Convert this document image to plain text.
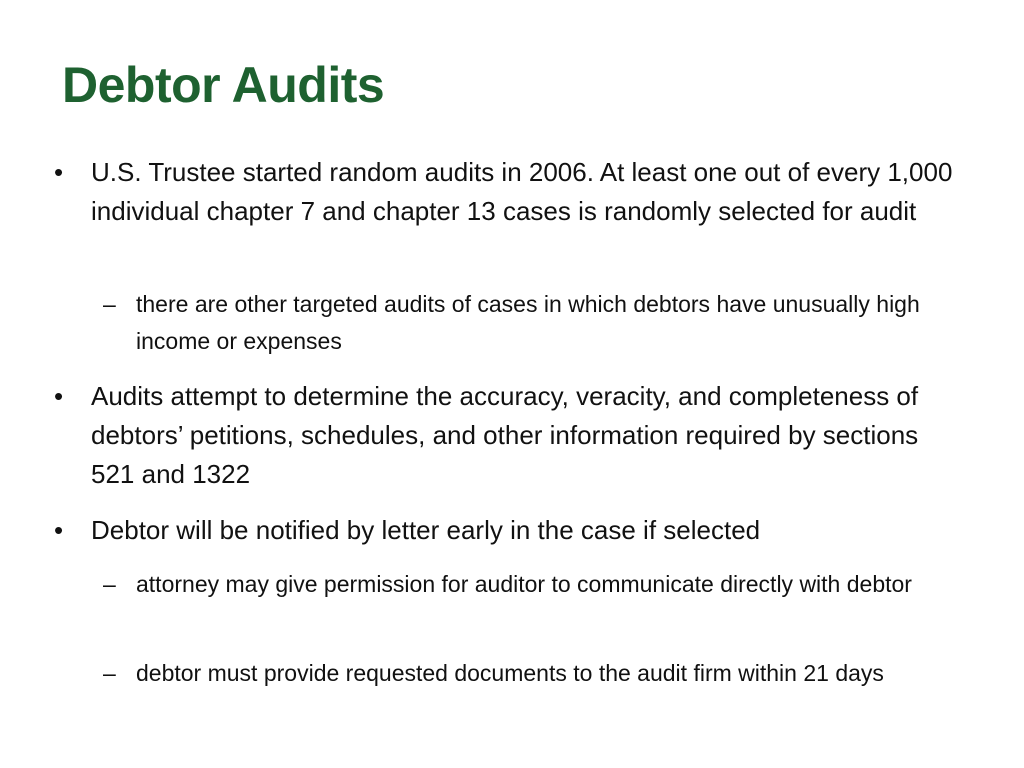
Debtor Audits
• U.S. Trustee started random audits in 2006. At least one out of every 1,000 individual chapter 7 and chapter 13 cases is randomly selected for audit
– there are other targeted audits of cases in which debtors have unusually high income or expenses
• Audits attempt to determine the accuracy, veracity, and completeness of debtors’ petitions, schedules, and other information required by sections 521 and 1322
• Debtor will be notified by letter early in the case if selected
– attorney may give permission for auditor to communicate directly with debtor
– debtor must provide requested documents to the audit firm within 21 days
